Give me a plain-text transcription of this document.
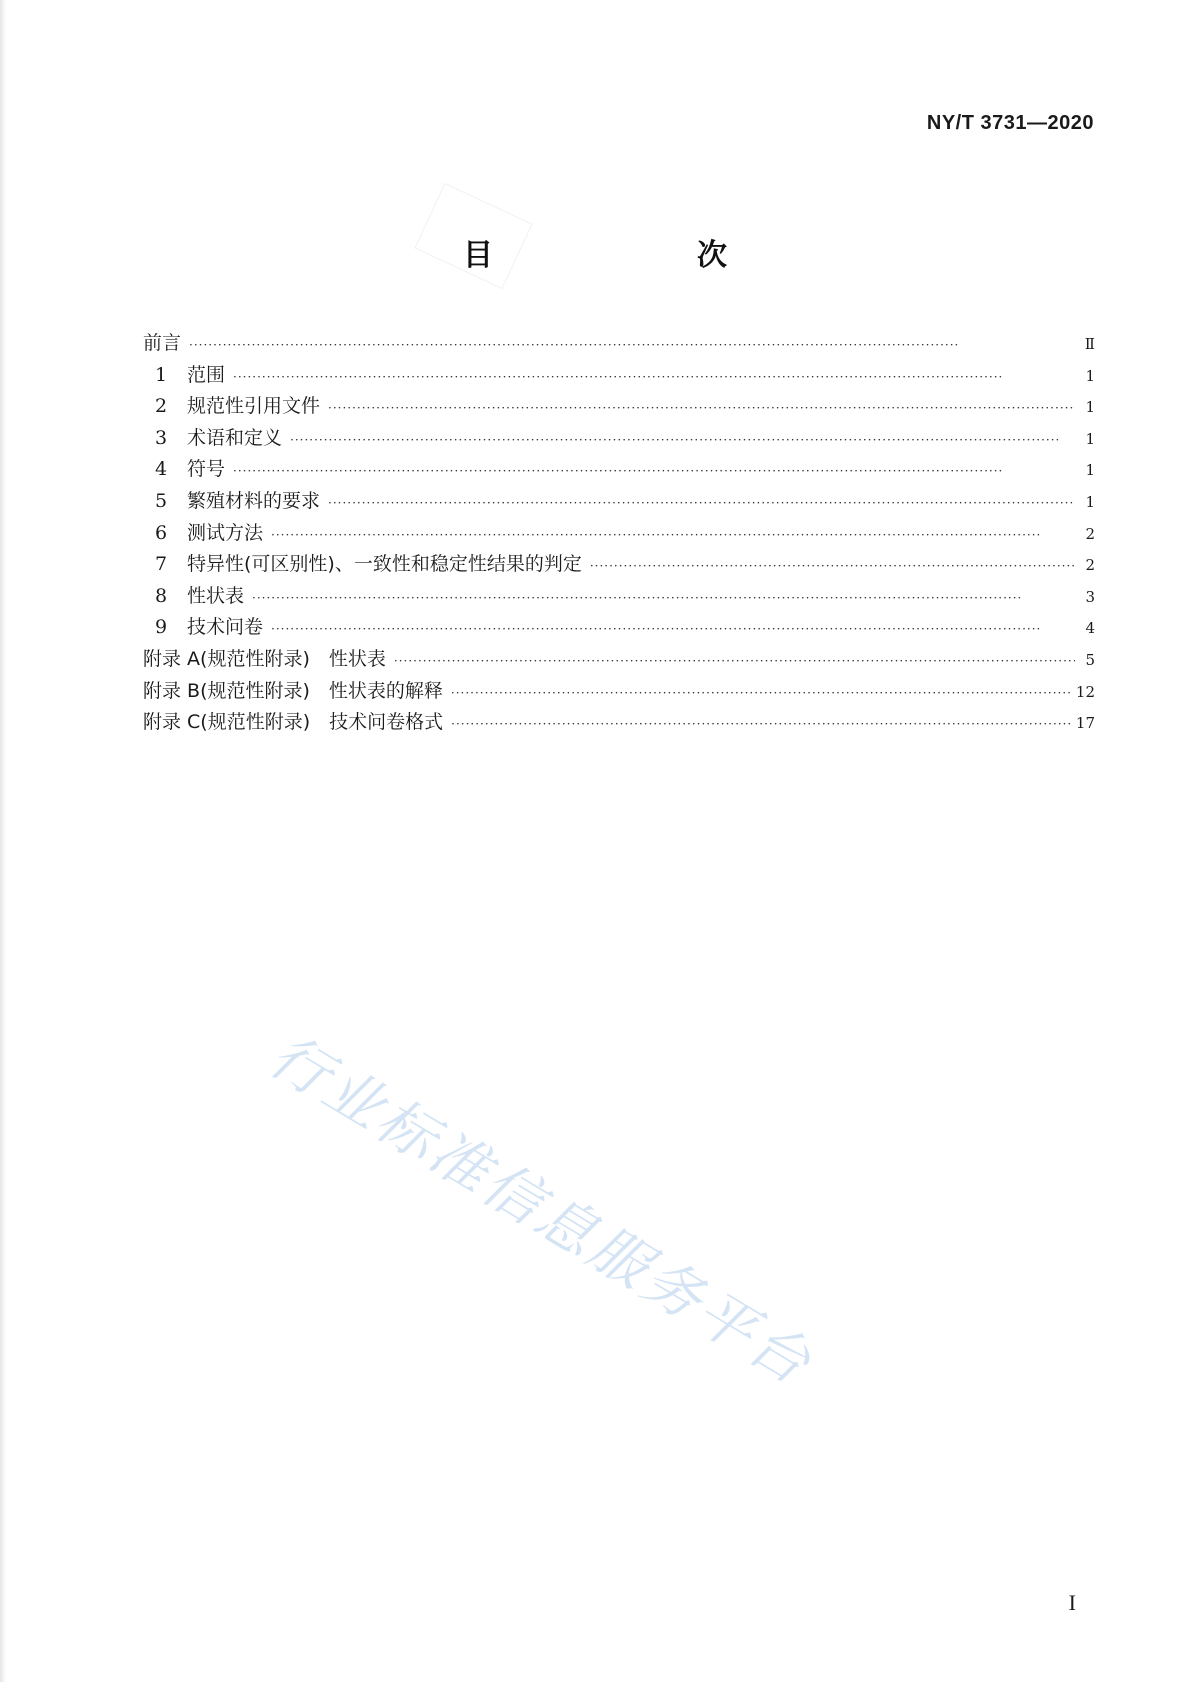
NY/T 3731—2020
目　　次
前言 ·····	Ⅱ
1	范围 ·····	1
2	规范性引用文件 ·····	1
3	术语和定义 ·····	1
4	符号 ·····	1
5	繁殖材料的要求 ·····	1
6	测试方法 ·····	2
7	特异性(可区别性)、一致性和稳定性结果的判定 ·····	2
8	性状表 ·····	3
9	技术问卷 ·····	4
附录 A(规范性附录)　性状表 ·····	5
附录 B(规范性附录)　性状表的解释 ·····	12
附录 C(规范性附录)　技术问卷格式 ·····	17
行业标准信息服务平台
I
